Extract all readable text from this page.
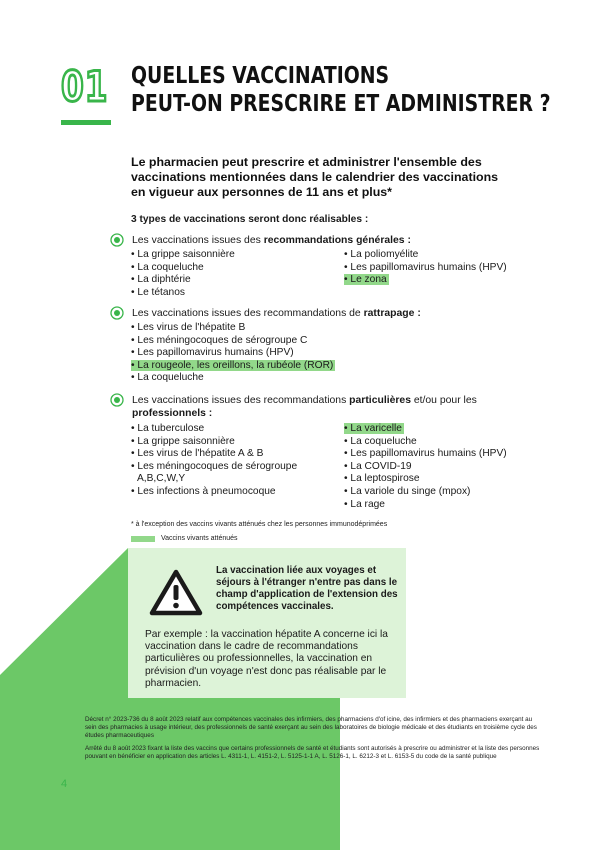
01 QUELLES VACCINATIONS
PEUT-ON PRESCRIRE ET ADMINISTRER ?
Le pharmacien peut prescrire et administrer l'ensemble des vaccinations mentionnées dans le calendrier des vaccinations en vigueur aux personnes de 11 ans et plus*
3 types de vaccinations seront donc réalisables :
Les vaccinations issues des recommandations générales :
• La grippe saisonnière
• La coqueluche
• La diphtérie
• Le tétanos
• La poliomyélite
• Les papillomavirus humains (HPV)
• Le zona
Les vaccinations issues des recommandations de rattrapage :
• Les virus de l'hépatite B
• Les méningocoques de sérogroupe C
• Les papillomavirus humains (HPV)
• La rougeole, les oreillons, la rubéole (ROR)
• La coqueluche
Les vaccinations issues des recommandations particulières et/ou pour les
professionnels :
• La tuberculose
• La grippe saisonnière
• Les virus de l'hépatite A & B
• Les méningocoques de sérogroupe
A,B,C,W,Y
• Les infections à pneumocoque
• La varicelle
• La coqueluche
• Les papillomavirus humains (HPV)
• La COVID-19
• La leptospirose
• La variole du singe (mpox)
• La rage
* à l'exception des vaccins vivants atténués chez les personnes immunodéprimées
Vaccins vivants atténués
La vaccination liée aux voyages et séjours à l'étranger n'entre pas dans le champ d'application de l'extension des compétences vaccinales.
Par exemple : la vaccination hépatite A concerne ici la vaccination dans le cadre de recommandations particulières ou professionnelles, la vaccination en prévision d'un voyage n'est donc pas réalisable par le pharmacien.

Décret n° 2023-736 du 8 août 2023 relatif aux compétences vaccinales des infirmiers, des pharmaciens d'of icine, des infirmiers et des pharmaciens exerçant au sein des pharmacies à usage intérieur, des professionnels de santé exerçant au sein des laboratoires de biologie médicale et des étudiants en troisième cycle des études pharmaceutiques

Arrêté du 8 août 2023 fixant la liste des vaccins que certains professionnels de santé et étudiants sont autorisés à prescrire ou administrer et la liste des personnes pouvant en bénéficier en application des articles L. 4311-1, L. 4151-2, L. 5125-1-1 A, L. 5126-1, L. 6212-3 et L. 6153-5 du code de la santé publique

4
